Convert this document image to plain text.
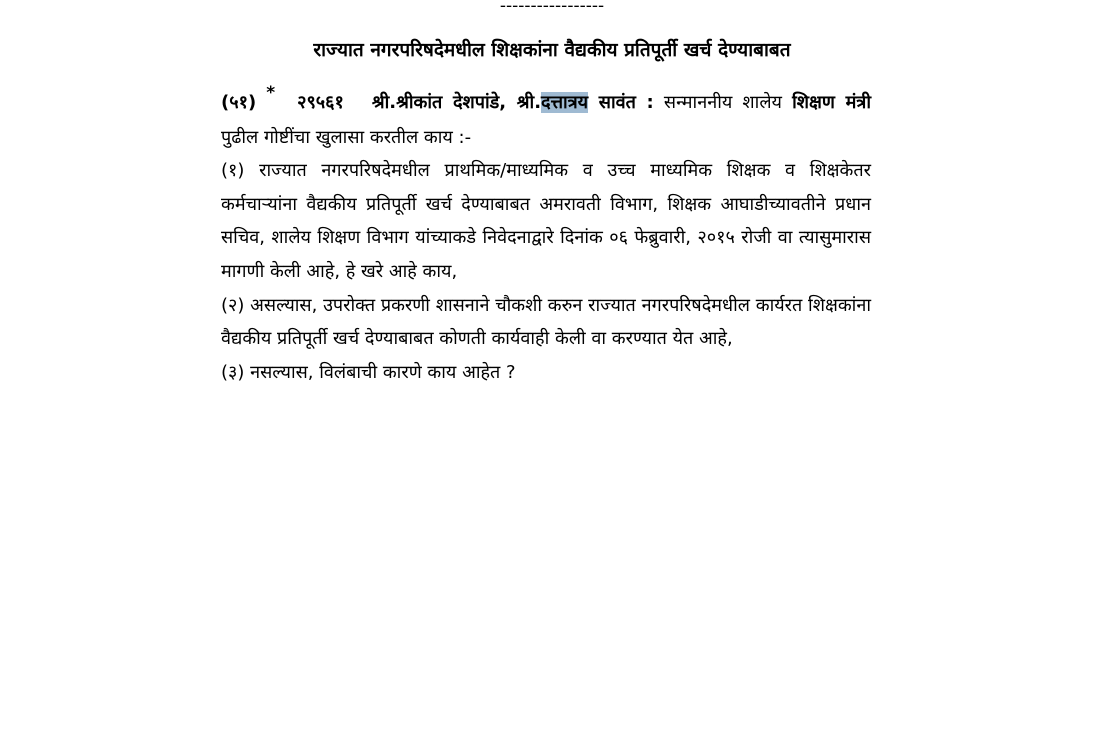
-----------------
राज्यात नगरपरिषदेमधील शिक्षकांना वैद्यकीय प्रतिपूर्ती खर्च देण्याबाबत

(५१) * २९५६१ श्री.श्रीकांत देशपांडे, श्री.दत्तात्रय सावंत : सन्माननीय शालेय शिक्षण मंत्री पुढील गोष्टींचा खुलासा करतील काय :-

(१) राज्यात नगरपरिषदेमधील प्राथमिक/माध्यमिक व उच्च माध्यमिक शिक्षक व शिक्षकेतर कर्मचाऱ्यांना वैद्यकीय प्रतिपूर्ती खर्च देण्याबाबत अमरावती विभाग, शिक्षक आघाडीच्यावतीने प्रधान सचिव, शालेय शिक्षण विभाग यांच्याकडे निवेदनाद्वारे दिनांक ०६ फेब्रुवारी, २०१५ रोजी वा त्यासुमारास मागणी केली आहे, हे खरे आहे काय,

(२) असल्यास, उपरोक्त प्रकरणी शासनाने चौकशी करुन राज्यात नगरपरिषदेमधील कार्यरत शिक्षकांना वैद्यकीय प्रतिपूर्ती खर्च देण्याबाबत कोणती कार्यवाही केली वा करण्यात येत आहे,

(३) नसल्यास, विलंबाची कारणे काय आहेत ?
